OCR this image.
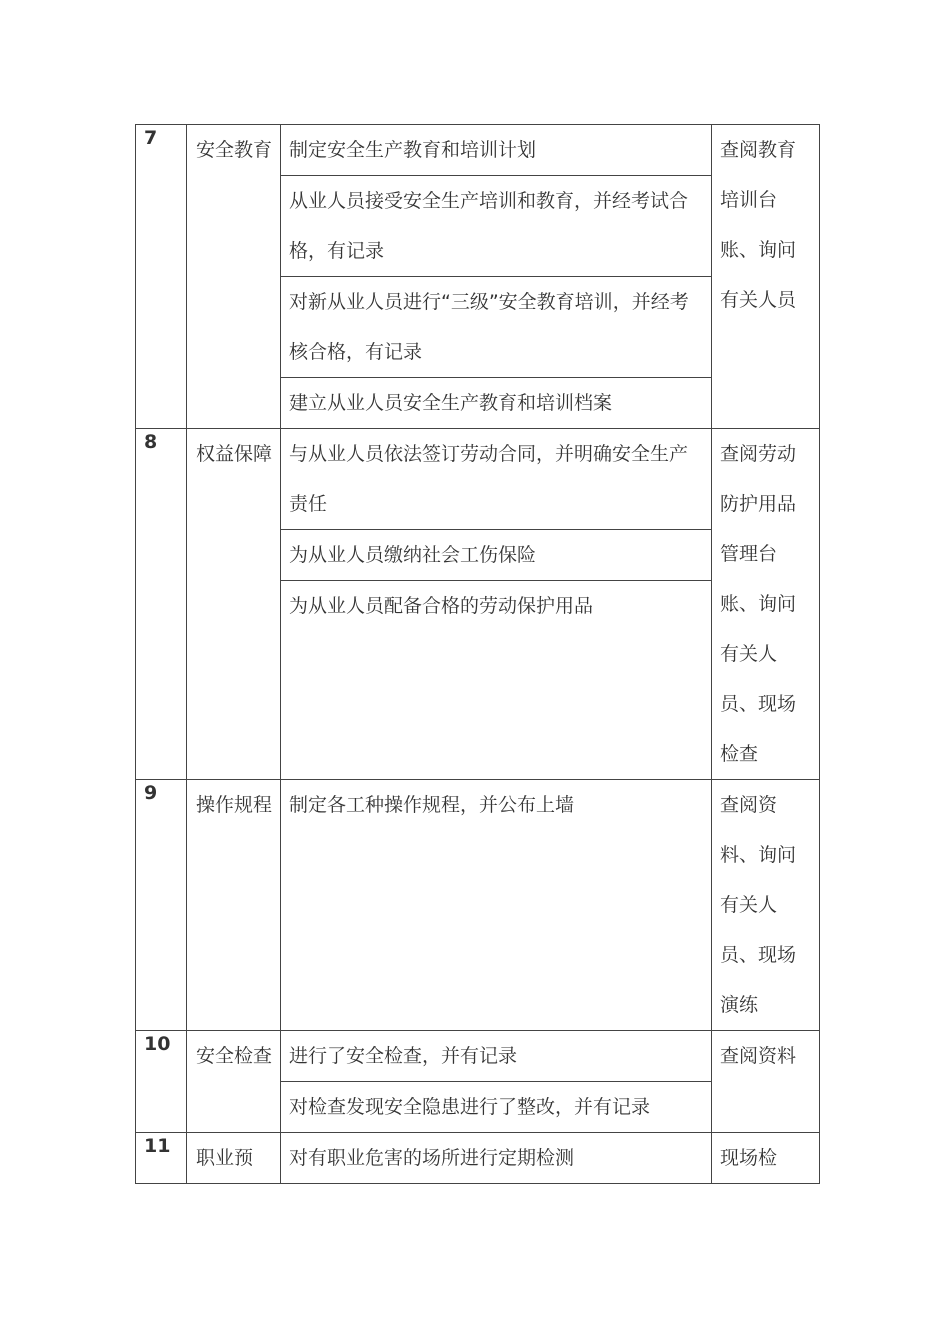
7	安全教育	制定安全生产教育和培训计划	查阅教育培训台账、询问有关人员
		从业人员接受安全生产培训和教育，并经考试合格，有记录	
		对新从业人员进行“三级”安全教育培训，并经考核合格，有记录	
		建立从业人员安全生产教育和培训档案	
8	权益保障	与从业人员依法签订劳动合同，并明确安全生产责任	查阅劳动防护用品管理台账、询问有关人员、现场检查
		为从业人员缴纳社会工伤保险	
		为从业人员配备合格的劳动保护用品	
9	操作规程	制定各工种操作规程，并公布上墙	查阅资料、询问有关人员、现场演练
10	安全检查	进行了安全检查，并有记录	查阅资料
		对检查发现安全隐患进行了整改，并有记录	
11	职业预	对有职业危害的场所进行定期检测	现场检
